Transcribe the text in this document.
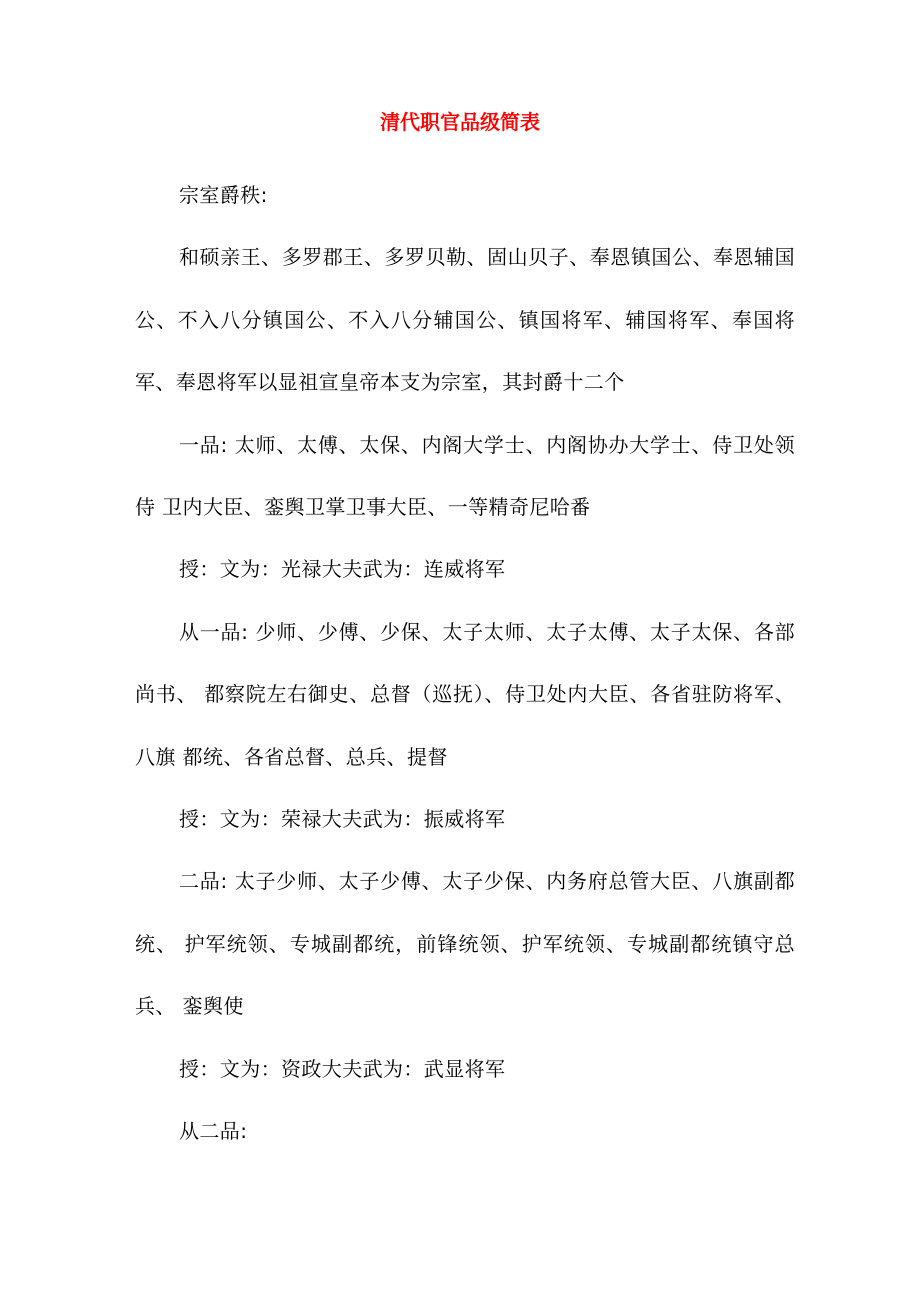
清代职官品级简表

宗室爵秩:

和硕亲王、多罗郡王、多罗贝勒、固山贝子、奉恩镇国公、奉恩辅国公、不入八分镇国公、不入八分辅国公、镇国将军、辅国将军、奉国将军、奉恩将军以显祖宣皇帝本支为宗室，其封爵十二个

一品: 太师、太傅、太保、内阁大学士、内阁协办大学士、侍卫处领侍 卫内大臣、銮舆卫掌卫事大臣、一等精奇尼哈番

授：文为：光禄大夫武为：连威将军

从一品: 少师、少傅、少保、太子太师、太子太傅、太子太保、各部尚书、 都察院左右御史、总督（巡抚）、侍卫处内大臣、各省驻防将军、八旗 都统、各省总督、总兵、提督

授：文为：荣禄大夫武为：振威将军

二品: 太子少师、太子少傅、太子少保、内务府总管大臣、八旗副都统、 护军统领、专城副都统，前锋统领、护军统领、专城副都统镇守总兵、 銮舆使

授：文为：资政大夫武为：武显将军

从二品:
